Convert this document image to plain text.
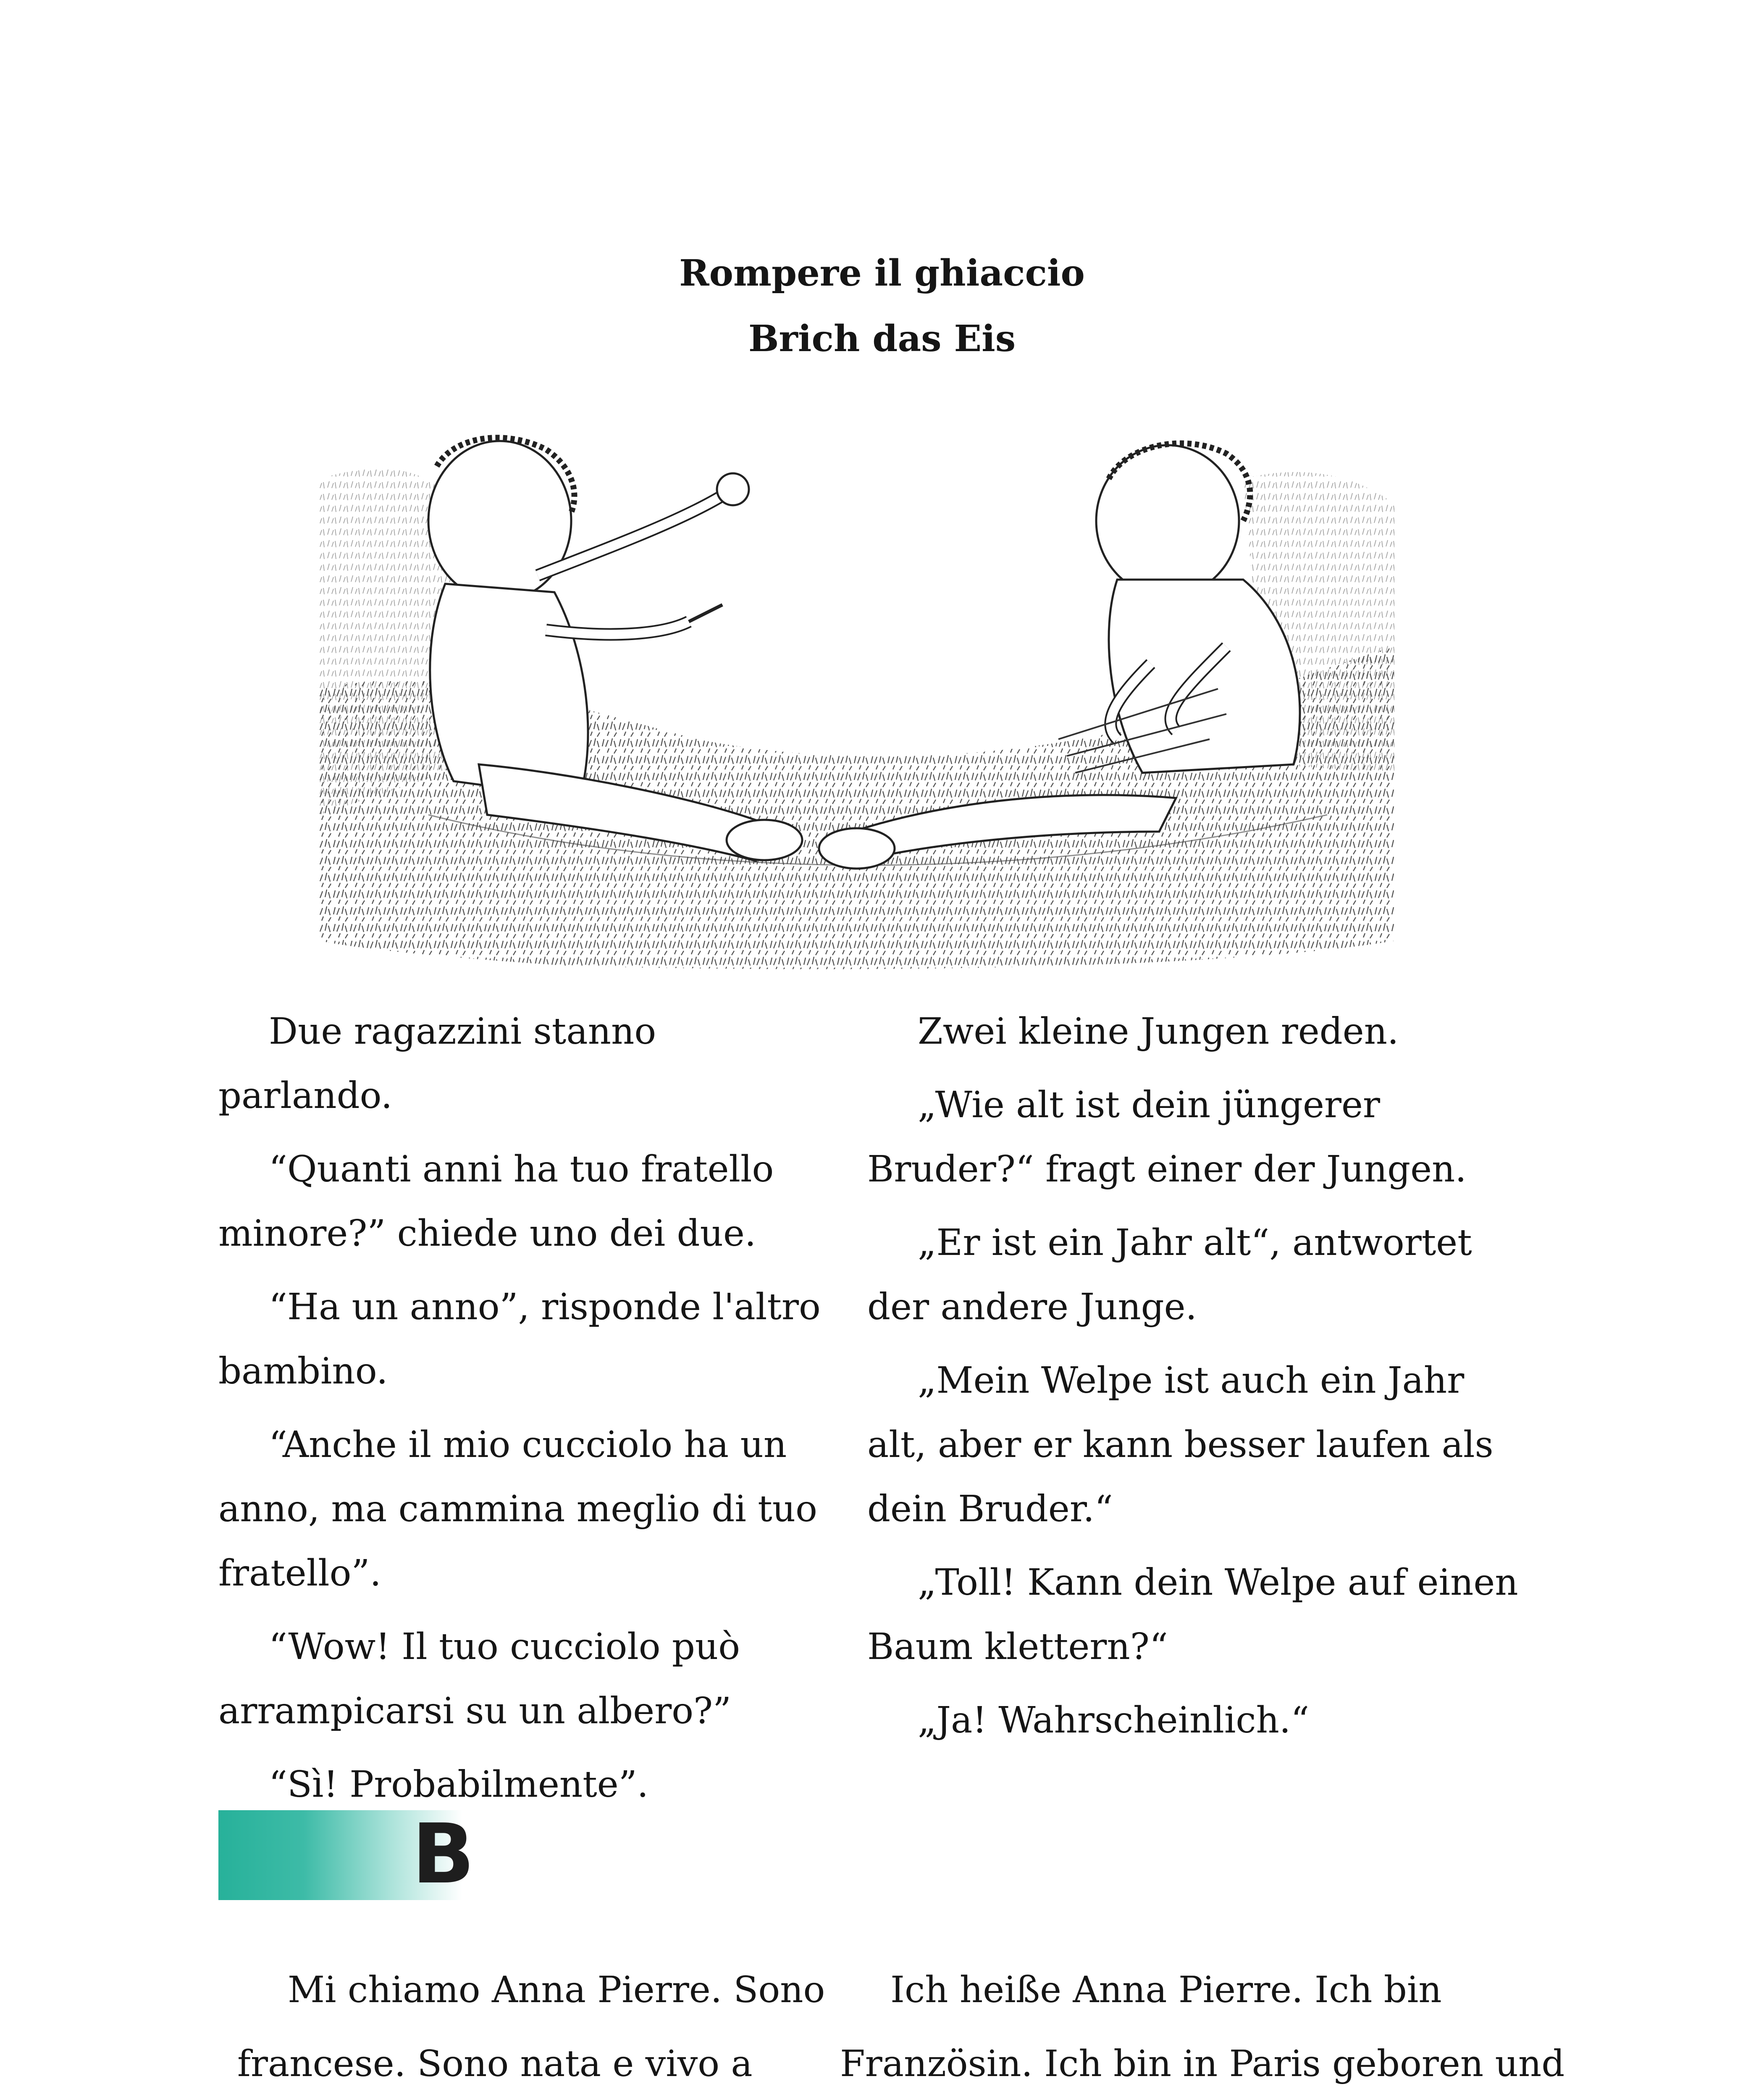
Rompere il ghiaccio
Brich das Eis

Due ragazzini stanno parlando.

“Quanti anni ha tuo fratello minore?” chiede uno dei due.

“Ha un anno”, risponde l'altro bambino.

“Anche il mio cucciolo ha un anno, ma cammina meglio di tuo fratello”.

“Wow! Il tuo cucciolo può arrampicarsi su un albero?”

“Sì! Probabilmente”.

Zwei kleine Jungen reden.

„Wie alt ist dein jüngerer Bruder?“ fragt einer der Jungen.

„Er ist ein Jahr alt“, antwortet der andere Junge.

„Mein Welpe ist auch ein Jahr alt, aber er kann besser laufen als dein Bruder.“

„Toll! Kann dein Welpe auf einen Baum klettern?“

„Ja! Wahrscheinlich.“

B

Mi chiamo Anna Pierre. Sono francese. Sono nata e vivo a

Ich heiße Anna Pierre. Ich bin Französin. Ich bin in Paris geboren und
